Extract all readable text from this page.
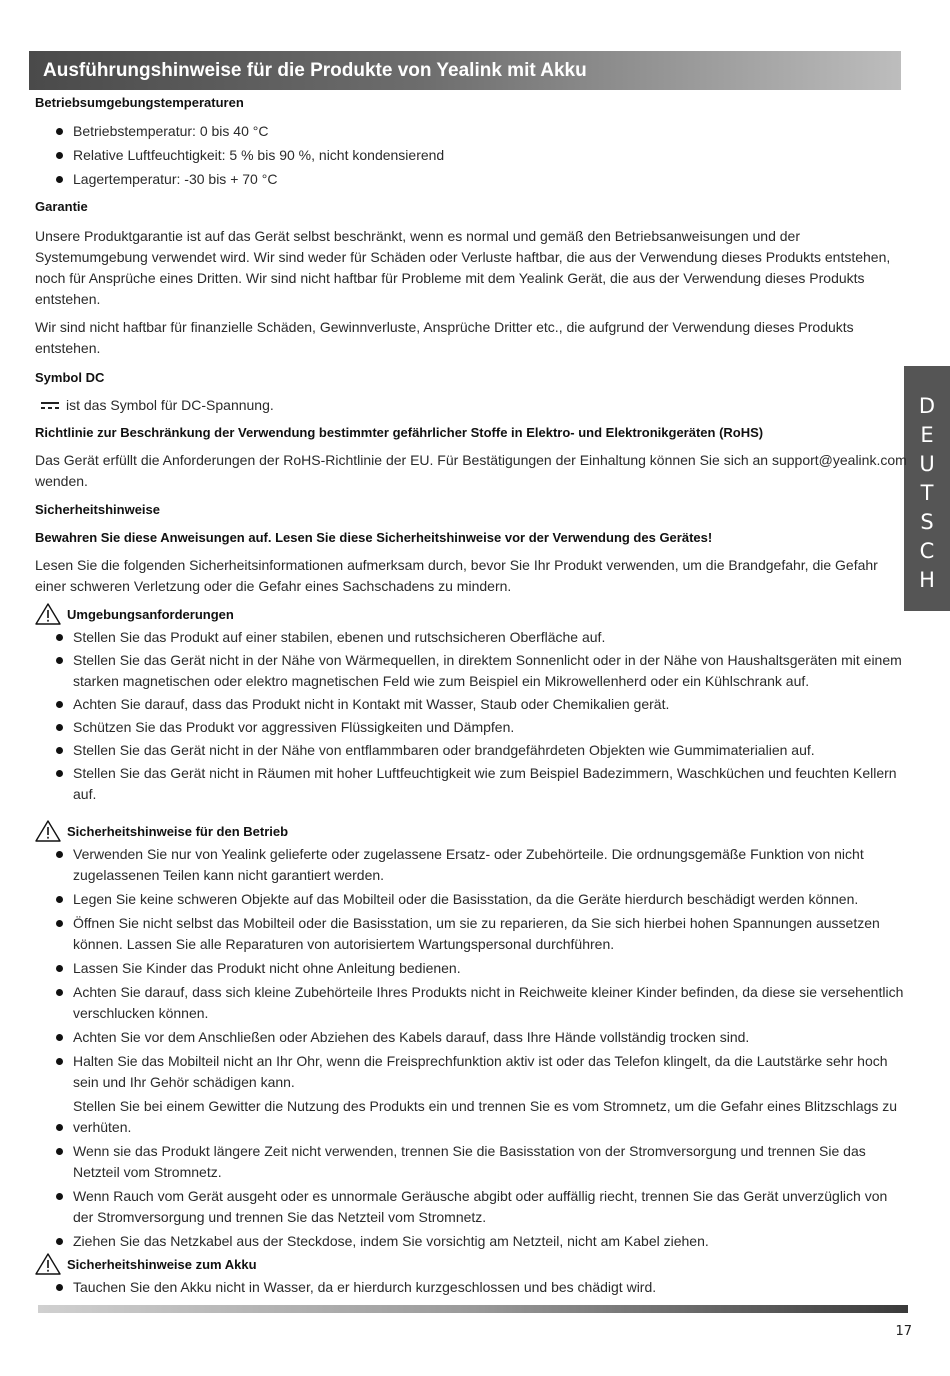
Ausführungshinweise für die Produkte von Yealink mit Akku
D
E
U
T
S
C
H

Betriebsumgebungstemperaturen

Betriebstemperatur: 0 bis 40 °C
Relative Luftfeuchtigkeit: 5 % bis 90 %, nicht kondensierend
Lagertemperatur: -30 bis + 70 °C

Garantie

Unsere Produktgarantie ist auf das Gerät selbst beschränkt, wenn es normal und gemäß den Betriebsanweisungen und der Systemumgebung verwendet wird. Wir sind weder für Schäden oder Verluste haftbar, die aus der Verwendung dieses Produkts entstehen, noch für Ansprüche eines Dritten. Wir sind nicht haftbar für Probleme mit dem Yealink Gerät, die aus der Verwendung dieses Produkts entstehen.

Wir sind nicht haftbar für finanzielle Schäden, Gewinnverluste, Ansprüche Dritter etc., die aufgrund der Verwendung dieses Produkts entstehen.

Symbol DC

ist das Symbol für DC-Spannung.

Richtlinie zur Beschränkung der Verwendung bestimmter gefährlicher Stoffe in Elektro- und Elektronikgeräten (RoHS)

Das Gerät erfüllt die Anforderungen der RoHS-Richtlinie der EU. Für Bestätigungen der Einhaltung können Sie sich an support@yealink.com wenden.

Sicherheitshinweise

Bewahren Sie diese Anweisungen auf. Lesen Sie diese Sicherheitshinweise vor der Verwendung des Gerätes!

Lesen Sie die folgenden Sicherheitsinformationen aufmerksam durch, bevor Sie Ihr Produkt verwenden, um die Brandgefahr, die Gefahr einer schweren Verletzung oder die Gefahr eines Sachschadens zu mindern.

Umgebungsanforderungen
Stellen Sie das Produkt auf einer stabilen, ebenen und rutschsicheren Oberfläche auf.
Stellen Sie das Gerät nicht in der Nähe von Wärmequellen, in direktem Sonnenlicht oder in der Nähe von Haushaltsgeräten mit einem starken magnetischen oder elektro magnetischen Feld wie zum Beispiel ein Mikrowellenherd oder ein Kühlschrank auf.
Achten Sie darauf, dass das Produkt nicht in Kontakt mit Wasser, Staub oder Chemikalien gerät.
Schützen Sie das Produkt vor aggressiven Flüssigkeiten und Dämpfen.
Stellen Sie das Gerät nicht in der Nähe von entflammbaren oder brandgefährdeten Objekten wie Gummimaterialien auf.
Stellen Sie das Gerät nicht in Räumen mit hoher Luftfeuchtigkeit wie zum Beispiel Badezimmern, Waschküchen und feuchten Kellern auf.
Sicherheitshinweise für den Betrieb
Verwenden Sie nur von Yealink gelieferte oder zugelassene Ersatz- oder Zubehörteile. Die ordnungsgemäße Funktion von nicht zugelassenen Teilen kann nicht garantiert werden.
Legen Sie keine schweren Objekte auf das Mobilteil oder die Basisstation, da die Geräte hierdurch beschädigt werden können.
Öffnen Sie nicht selbst das Mobilteil oder die Basisstation, um sie zu reparieren, da Sie sich hierbei hohen Spannungen aussetzen können. Lassen Sie alle Reparaturen von autorisiertem Wartungspersonal durchführen.
Lassen Sie Kinder das Produkt nicht ohne Anleitung bedienen.
Achten Sie darauf, dass sich kleine Zubehörteile Ihres Produkts nicht in Reichweite kleiner Kinder befinden, da diese sie versehentlich verschlucken können.
Achten Sie vor dem Anschließen oder Abziehen des Kabels darauf, dass Ihre Hände vollständig trocken sind.
Halten Sie das Mobilteil nicht an Ihr Ohr, wenn die Freisprechfunktion aktiv ist oder das Telefon klingelt, da die Lautstärke sehr hoch sein und Ihr Gehör schädigen kann.
Stellen Sie bei einem Gewitter die Nutzung des Produkts ein und trennen Sie es vom Stromnetz, um die Gefahr eines Blitzschlags zu verhüten.
Wenn sie das Produkt längere Zeit nicht verwenden, trennen Sie die Basisstation von der Stromversorgung und trennen Sie das Netzteil vom Stromnetz.
Wenn Rauch vom Gerät ausgeht oder es unnormale Geräusche abgibt oder auffällig riecht, trennen Sie das Gerät unverzüglich von der Stromversorgung und trennen Sie das Netzteil vom Stromnetz.
Ziehen Sie das Netzkabel aus der Steckdose, indem Sie vorsichtig am Netzteil, nicht am Kabel ziehen.
Sicherheitshinweise zum Akku
Tauchen Sie den Akku nicht in Wasser, da er hierdurch kurzgeschlossen und bes chädigt wird.
17
